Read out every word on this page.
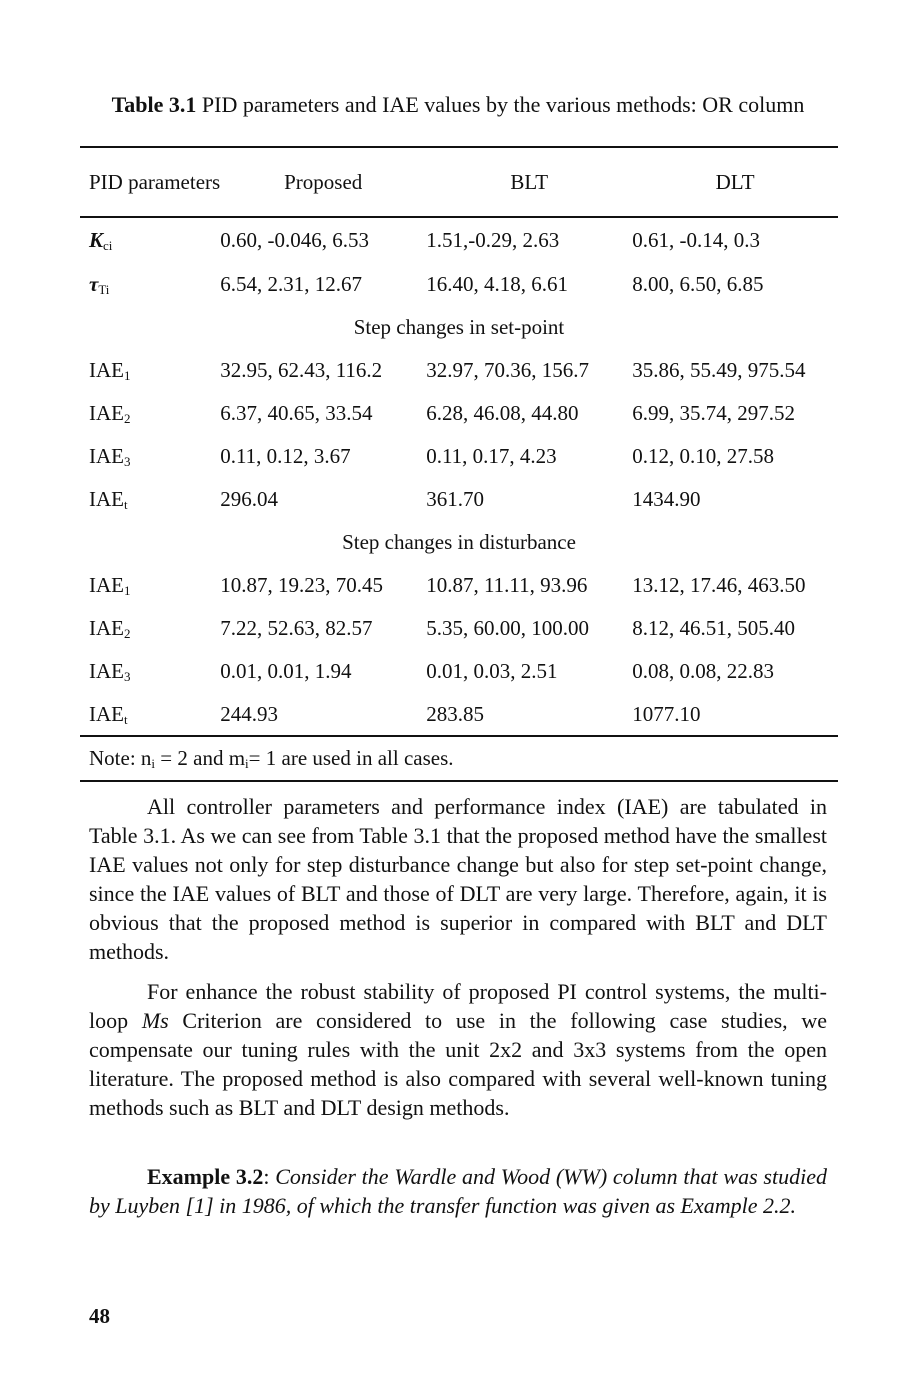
Table 3.1 PID parameters and IAE values by the various methods: OR column
PID parameters	Proposed	BLT	DLT
$K_{ci}$	0.60, -0.046, 6.53	1.51,-0.29, 2.63	0.61, -0.14, 0.3
$\tau_{Ti}$	6.54, 2.31, 12.67	16.40, 4.18, 6.61	8.00, 6.50, 6.85
Step changes in set-point			
$IAE_1$	32.95, 62.43, 116.2	32.97, 70.36, 156.7	35.86, 55.49, 975.54
$IAE_2$	6.37, 40.65, 33.54	6.28, 46.08, 44.80	6.99, 35.74, 297.52
$IAE_3$	0.11, 0.12, 3.67	0.11, 0.17, 4.23	0.12, 0.10, 27.58
$IAE_t$	296.04	361.70	1434.90
Step changes in disturbance			
$IAE_1$	10.87, 19.23, 70.45	10.87, 11.11, 93.96	13.12, 17.46, 463.50
$IAE_2$	7.22, 52.63, 82.57	5.35, 60.00, 100.00	8.12, 46.51, 505.40
$IAE_3$	0.01, 0.01, 1.94	0.01, 0.03, 2.51	0.08, 0.08, 22.83
$IAE_t$	244.93	283.85	1077.10
Note: $n_i = 2$ and $m_i= 1$ are used in all cases.			

All controller parameters and performance index (IAE) are tabulated in Table 3.1. As we can see from Table 3.1 that the proposed method have the smallest IAE values not only for step disturbance change but also for step set-point change, since the IAE values of BLT and those of DLT are very large. Therefore, again, it is obvious that the proposed method is superior in compared with BLT and DLT methods.

For enhance the robust stability of proposed PI control systems, the multi-loop Ms Criterion are considered to use in the following case studies, we compensate our tuning rules with the unit 2x2 and 3x3 systems from the open literature. The proposed method is also compared with several well-known tuning methods such as BLT and DLT design methods.

Example 3.2: Consider the Wardle and Wood (WW) column that was studied by Luyben [1] in 1986, of which the transfer function was given as Example 2.2.

48
